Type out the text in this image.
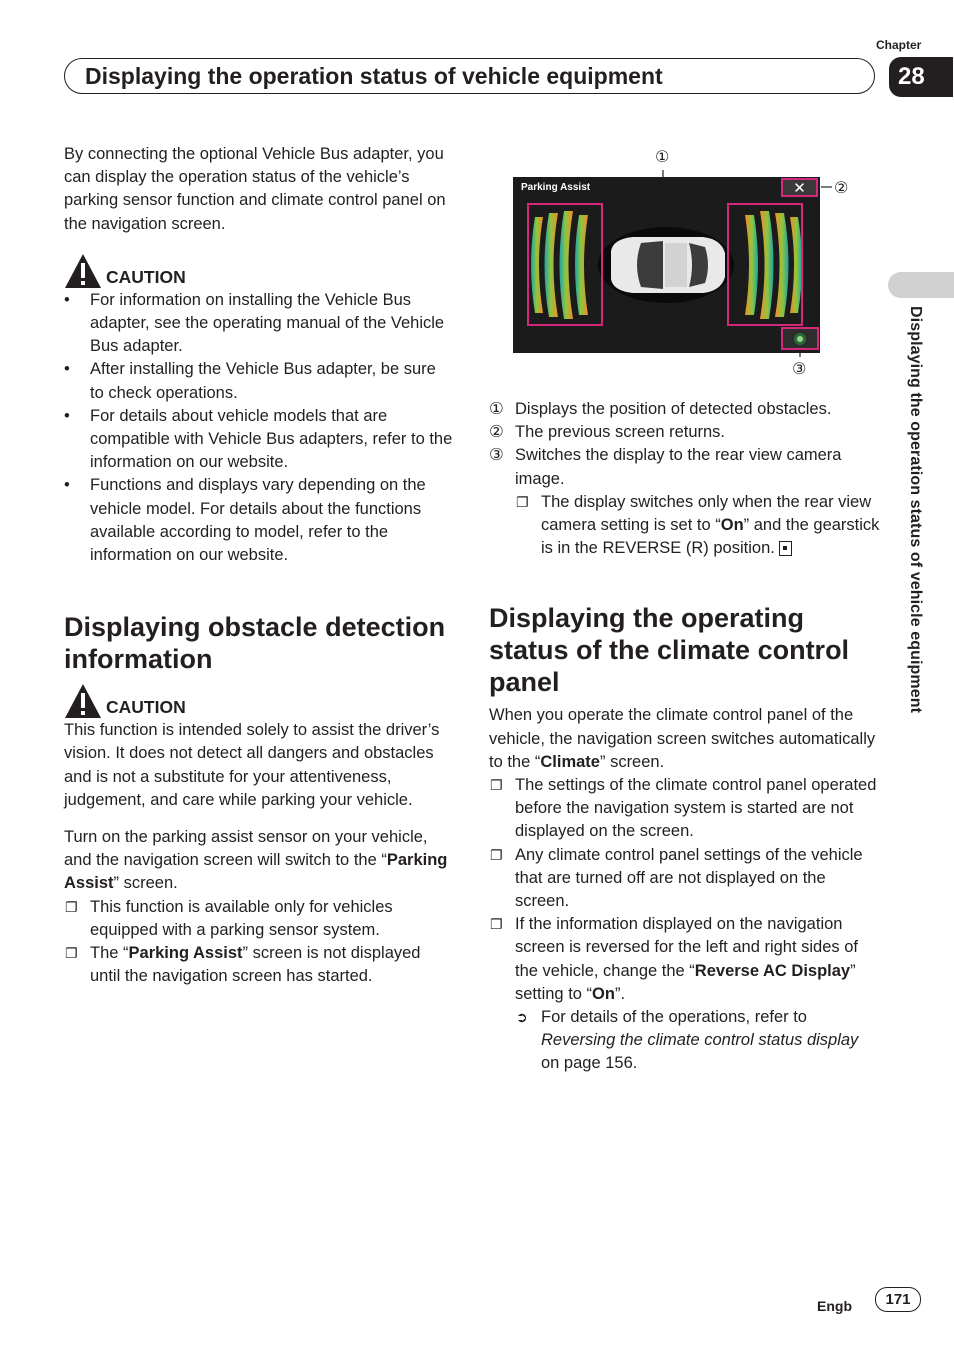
Chapter
28
Displaying the operation status of vehicle equipment
Displaying the operation status of vehicle equipment

By connecting the optional Vehicle Bus adapter, you can display the operation status of the vehicle’s parking sensor function and climate control panel on the navigation screen.

CAUTION
• For information on installing the Vehicle Bus adapter, see the operating manual of the Vehicle Bus adapter.
• After installing the Vehicle Bus adapter, be sure to check operations.
• For details about vehicle models that are compatible with Vehicle Bus adapters, refer to the information on our website.
• Functions and displays vary depending on the vehicle model. For details about the functions available according to model, refer to the information on our website.
Displaying obstacle detection information
CAUTION

This function is intended solely to assist the driver’s vision. It does not detect all dangers and obstacles and is not a substitute for your attentiveness, judgement, and care while parking your vehicle.

Turn on the parking assist sensor on your vehicle, and the navigation screen will switch to the “Parking Assist” screen.

❐ This function is available only for vehicles equipped with a parking sensor system.
❐ The “Parking Assist” screen is not displayed until the navigation screen has started.
①
②
③
Parking Assist	✕
① Displays the position of detected obstacles.
② The previous screen returns.
③ Switches the display to the rear view camera image.
❐ The display switches only when the rear view camera setting is set to “On” and the gearstick is in the REVERSE (R) position.
Displaying the operating status of the climate control panel

When you operate the climate control panel of the vehicle, the navigation screen switches automatically to the “Climate” screen.

❐ The settings of the climate control panel operated before the navigation system is started are not displayed on the screen.
❐ Any climate control panel settings of the vehicle that are turned off are not displayed on the screen.
❐ If the information displayed on the navigation screen is reversed for the left and right sides of the vehicle, change the “Reverse AC Display” setting to “On”.
➲ For details of the operations, refer to Reversing the climate control status display on page 156.
Engb	171
